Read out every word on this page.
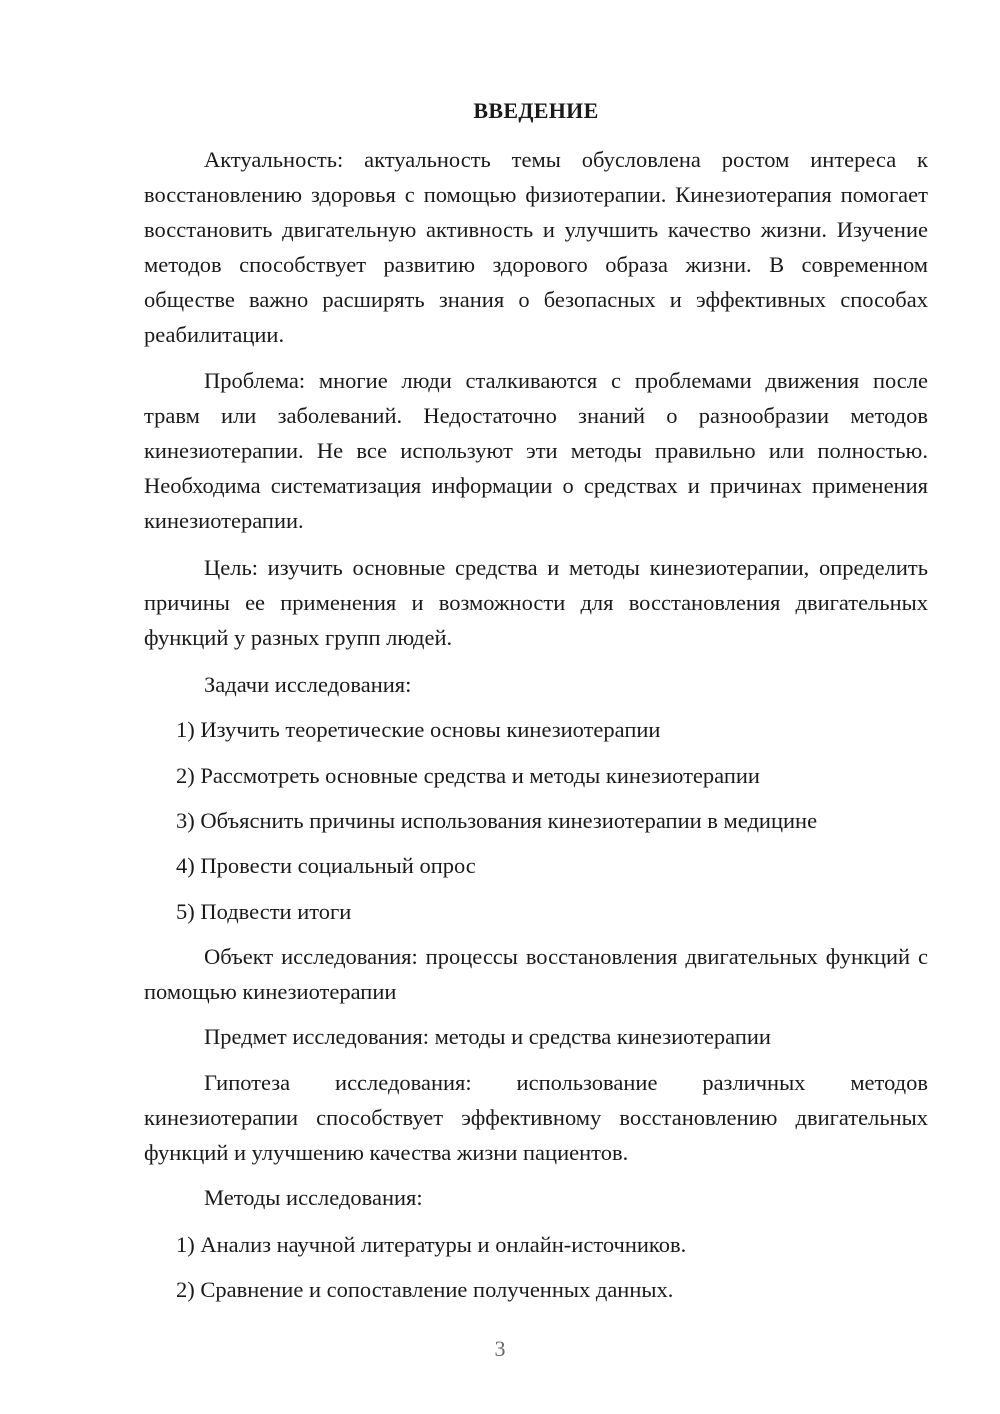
ВВЕДЕНИЕ

Актуальность: актуальность темы обусловлена ростом интереса к восстановлению здоровья с помощью физиотерапии. Кинезиотерапия помогает восстановить двигательную активность и улучшить качество жизни. Изучение методов способствует развитию здорового образа жизни. В современном обществе важно расширять знания о безопасных и эффективных способах реабилитации.

Проблема: многие люди сталкиваются с проблемами движения после травм или заболеваний. Недостаточно знаний о разнообразии методов кинезиотерапии. Не все используют эти методы правильно или полностью. Необходима систематизация информации о средствах и причинах применения кинезиотерапии.

Цель: изучить основные средства и методы кинезиотерапии, определить причины ее применения и возможности для восстановления двигательных функций у разных групп людей.

Задачи исследования:
1) Изучить теоретические основы кинезиотерапии
2) Рассмотреть основные средства и методы кинезиотерапии
3) Объяснить причины использования кинезиотерапии в медицине
4) Провести социальный опрос
5) Подвести итоги

Объект исследования: процессы восстановления двигательных функций с помощью кинезиотерапии

Предмет исследования: методы и средства кинезиотерапии

Гипотеза исследования: использование различных методов кинезиотерапии способствует эффективному восстановлению двигательных функций и улучшению качества жизни пациентов.

Методы исследования:
1) Анализ научной литературы и онлайн-источников.
2) Сравнение и сопоставление полученных данных.
3
